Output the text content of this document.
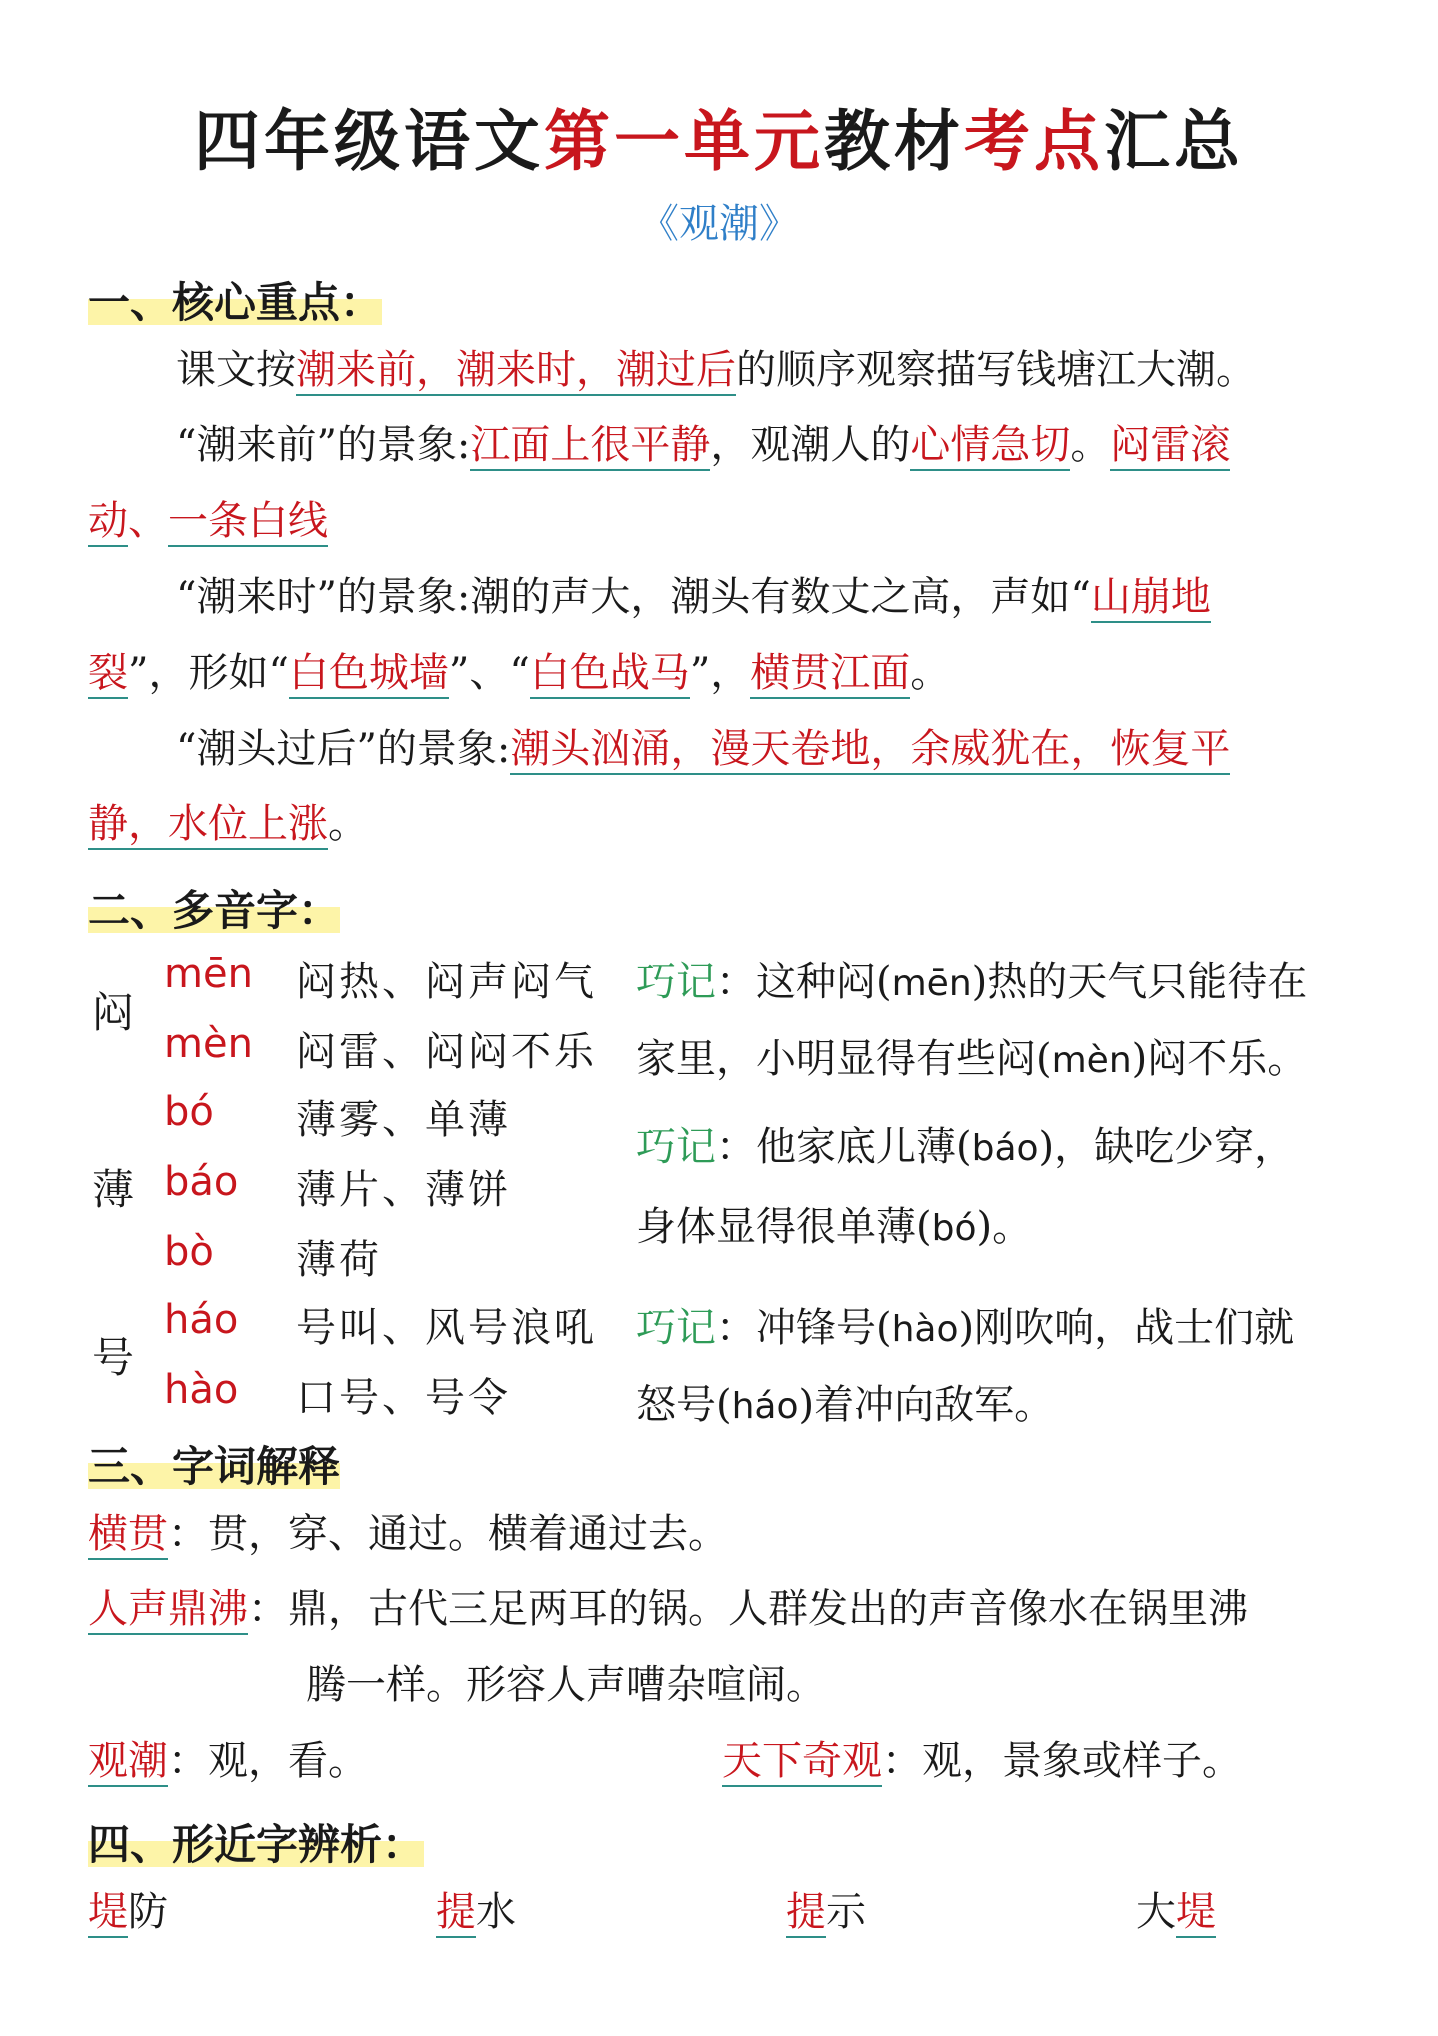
四年级语文第一单元教材考点汇总
《观潮》
一、核心重点：
课文按潮来前，潮来时，潮过后的顺序观察描写钱塘江大潮。
“潮来前”的景象:江面上很平静，观潮人的心情急切。闷雷滚
动、一条白线
“潮来时”的景象:潮的声大，潮头有数丈之高，声如“山崩地
裂”，形如“白色城墙”、“白色战马”，横贯江面。
“潮头过后”的景象:潮头汹涌，漫天卷地，余威犹在，恢复平
静，水位上涨。
二、多音字：
闷
mēn 闷热、闷声闷气
mèn 闷雷、闷闷不乐
巧记：这种闷(mēn)热的天气只能待在
家里，小明显得有些闷(mèn)闷不乐。
薄
bó 薄雾、单薄
báo 薄片、薄饼
bò 薄荷
巧记：他家底儿薄(báo)，缺吃少穿，
身体显得很单薄(bó)。
号
háo 号叫、风号浪吼
hào 口号、号令
巧记：冲锋号(hào)刚吹响，战士们就
怒号(háo)着冲向敌军。
三、字词解释
横贯：贯，穿、通过。横着通过去。
人声鼎沸：鼎，古代三足两耳的锅。人群发出的声音像水在锅里沸
腾一样。形容人声嘈杂喧闹。
观潮：观，看。	天下奇观：观，景象或样子。
四、形近字辨析：
堤防	提水	提示	大堤
